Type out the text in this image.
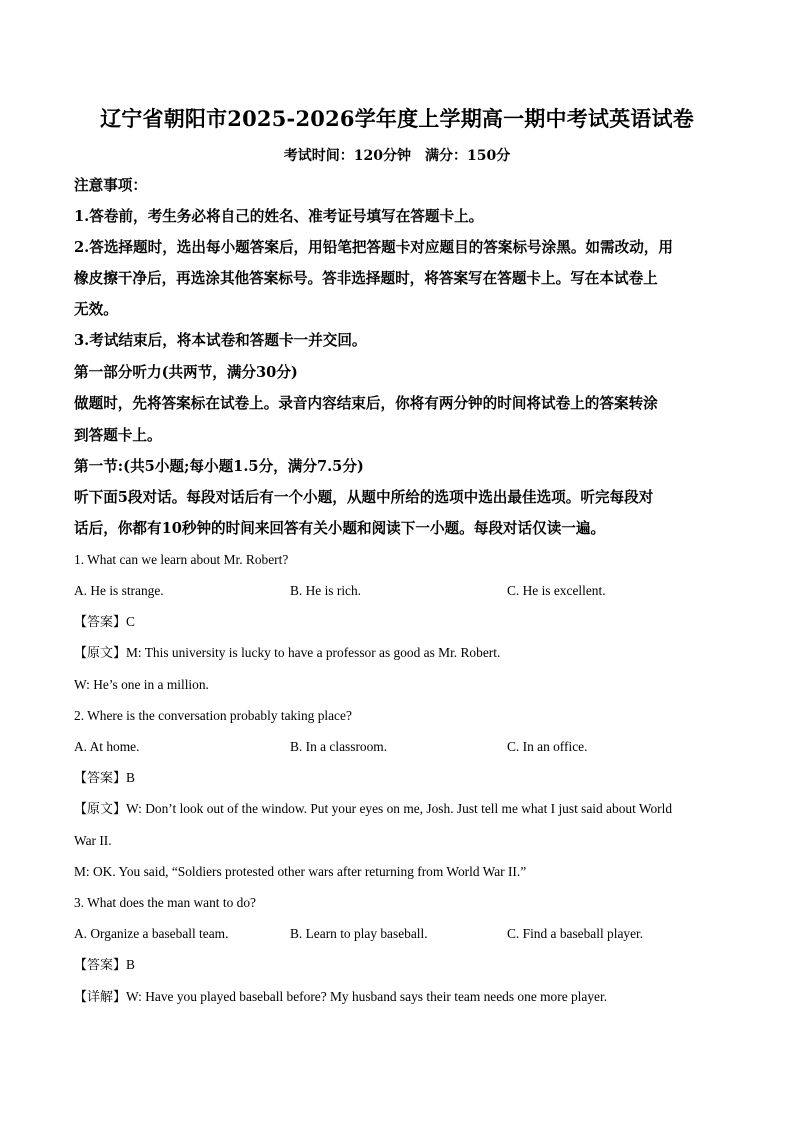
辽宁省朝阳市2025-2026学年度上学期高一期中考试英语试卷
考试时间：120分钟　满分：150分
注意事项：
1.答卷前，考生务必将自己的姓名、准考证号填写在答题卡上。
2.答选择题时，选出每小题答案后，用铅笔把答题卡对应题目的答案标号涂黑。如需改动，用
橡皮擦干净后，再选涂其他答案标号。答非选择题时，将答案写在答题卡上。写在本试卷上
无效。
3.考试结束后，将本试卷和答题卡一并交回。
第一部分听力(共两节，满分30分)
做题时，先将答案标在试卷上。录音内容结束后，你将有两分钟的时间将试卷上的答案转涂
到答题卡上。
第一节:(共5小题;每小题1.5分，满分7.5分)
听下面5段对话。每段对话后有一个小题，从题中所给的选项中选出最佳选项。听完每段对
话后，你都有10秒钟的时间来回答有关小题和阅读下一小题。每段对话仅读一遍。
1. What can we learn about Mr. Robert?
A. He is strange.	B. He is rich.	C. He is excellent.
【答案】C
【原文】M: This university is lucky to have a professor as good as Mr. Robert.
W: He’s one in a million.
2. Where is the conversation probably taking place?
A. At home.	B. In a classroom.	C. In an office.
【答案】B
【原文】W: Don’t look out of the window. Put your eyes on me, Josh. Just tell me what I just said about World
War II.
M: OK. You said, “Soldiers protested other wars after returning from World War II.”
3. What does the man want to do?
A. Organize a baseball team.	B. Learn to play baseball.	C. Find a baseball player.
【答案】B
【详解】W: Have you played baseball before? My husband says their team needs one more player.
